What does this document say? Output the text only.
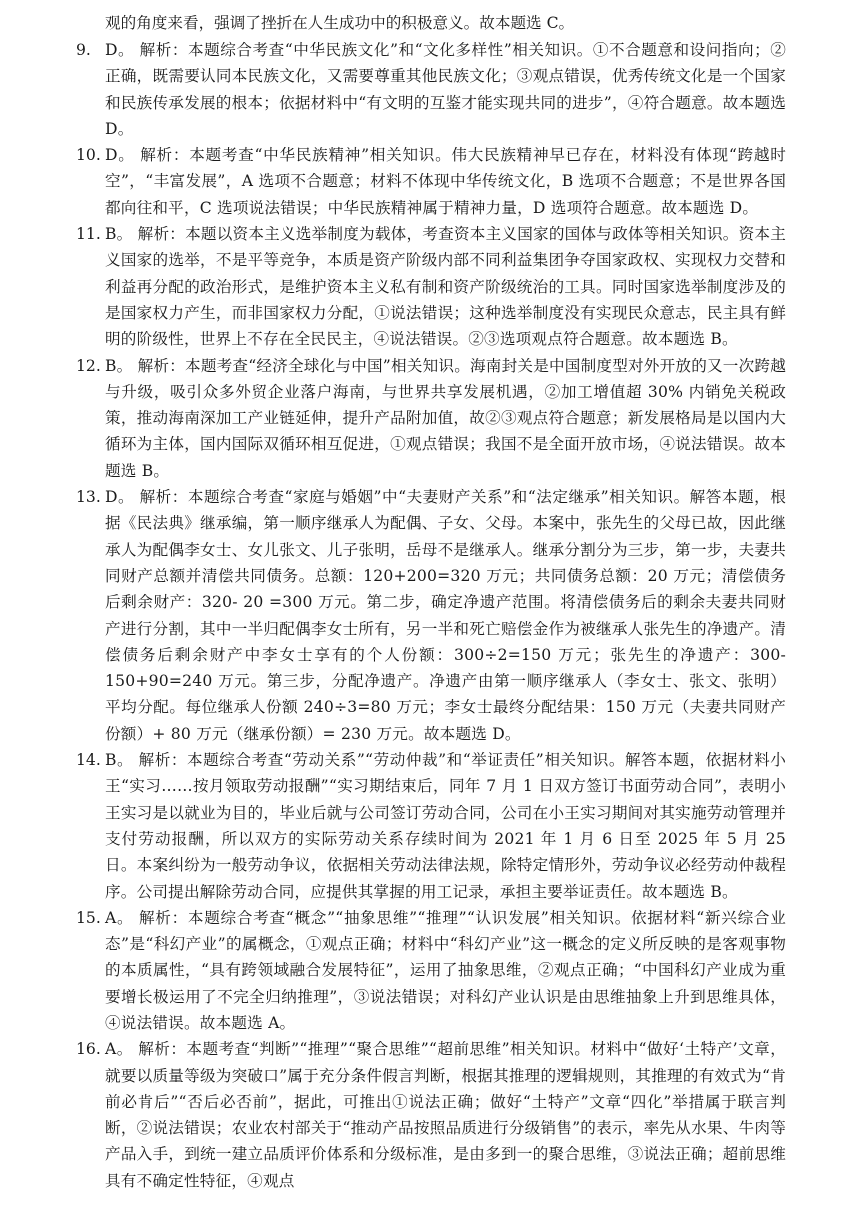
观的角度来看，强调了挫折在人生成功中的积极意义。故本题选 C。
9. D。 解析：本题综合考查“中华民族文化”和“文化多样性”相关知识。①不合题意和设问指向；②正确，既需要认同本民族文化，又需要尊重其他民族文化；③观点错误，优秀传统文化是一个国家和民族传承发展的根本；依据材料中“有文明的互鉴才能实现共同的进步”，④符合题意。故本题选 D。
10. D。 解析：本题考查“中华民族精神”相关知识。伟大民族精神早已存在，材料没有体现“跨越时空”，“丰富发展”，A 选项不合题意；材料不体现中华传统文化，B 选项不合题意；不是世界各国都向往和平，C 选项说法错误；中华民族精神属于精神力量，D 选项符合题意。故本题选 D。
11. B。 解析：本题以资本主义选举制度为载体，考查资本主义国家的国体与政体等相关知识。资本主义国家的选举，不是平等竞争，本质是资产阶级内部不同利益集团争夺国家政权、实现权力交替和利益再分配的政治形式，是维护资本主义私有制和资产阶级统治的工具。同时国家选举制度涉及的是国家权力产生，而非国家权力分配，①说法错误；这种选举制度没有实现民众意志，民主具有鲜明的阶级性，世界上不存在全民民主，④说法错误。②③选项观点符合题意。故本题选 B。
12. B。 解析：本题考查“经济全球化与中国”相关知识。海南封关是中国制度型对外开放的又一次跨越与升级，吸引众多外贸企业落户海南，与世界共享发展机遇，②加工增值超 30% 内销免关税政策，推动海南深加工产业链延伸，提升产品附加值，故②③观点符合题意；新发展格局是以国内大循环为主体，国内国际双循环相互促进，①观点错误；我国不是全面开放市场，④说法错误。故本题选 B。
13. D。 解析：本题综合考查“家庭与婚姻”中“夫妻财产关系”和“法定继承”相关知识。解答本题，根据《民法典》继承编，第一顺序继承人为配偶、子女、父母。本案中，张先生的父母已故，因此继承人为配偶李女士、女儿张文、儿子张明，岳母不是继承人。继承分割分为三步，第一步，夫妻共同财产总额并清偿共同债务。总额：120+200=320 万元；共同债务总额：20 万元；清偿债务后剩余财产：320- 20 =300 万元。第二步，确定净遗产范围。将清偿债务后的剩余夫妻共同财产进行分割，其中一半归配偶李女士所有，另一半和死亡赔偿金作为被继承人张先生的净遗产。清偿债务后剩余财产中李女士享有的个人份额：300÷2=150 万元；张先生的净遗产：300-150+90=240 万元。第三步，分配净遗产。净遗产由第一顺序继承人（李女士、张文、张明）平均分配。每位继承人份额 240÷3=80 万元；李女士最终分配结果：150 万元（夫妻共同财产份额）+ 80 万元（继承份额）= 230 万元。故本题选 D。
14. B。 解析：本题综合考查“劳动关系”“劳动仲裁”和“举证责任”相关知识。解答本题，依据材料小王“实习……按月领取劳动报酬”“实习期结束后，同年 7 月 1 日双方签订书面劳动合同”，表明小王实习是以就业为目的，毕业后就与公司签订劳动合同，公司在小王实习期间对其实施劳动管理并支付劳动报酬，所以双方的实际劳动关系存续时间为 2021 年 1 月 6 日至 2025 年 5 月 25 日。本案纠纷为一般劳动争议，依据相关劳动法律法规，除特定情形外，劳动争议必经劳动仲裁程序。公司提出解除劳动合同，应提供其掌握的用工记录，承担主要举证责任。故本题选 B。
15. A。 解析：本题综合考查“概念”“抽象思维”“推理”“认识发展”相关知识。依据材料“新兴综合业态”是“科幻产业”的属概念，①观点正确；材料中“科幻产业”这一概念的定义所反映的是客观事物的本质属性，“具有跨领域融合发展特征”，运用了抽象思维，②观点正确；“中国科幻产业成为重要增长极运用了不完全归纳推理”，③说法错误；对科幻产业认识是由思维抽象上升到思维具体，④说法错误。故本题选 A。
16. A。 解析：本题考查“判断”“推理”“聚合思维”“超前思维”相关知识。材料中“做好‘土特产’文章，就要以质量等级为突破口”属于充分条件假言判断，根据其推理的逻辑规则，其推理的有效式为“肯前必肯后”“否后必否前”，据此，可推出①说法正确；做好“土特产”文章“四化”举措属于联言判断，②说法错误；农业农村部关于“推动产品按照品质进行分级销售”的表示，率先从水果、牛肉等产品入手，到统一建立品质评价体系和分级标准，是由多到一的聚合思维，③说法正确；超前思维具有不确定性特征，④观点
